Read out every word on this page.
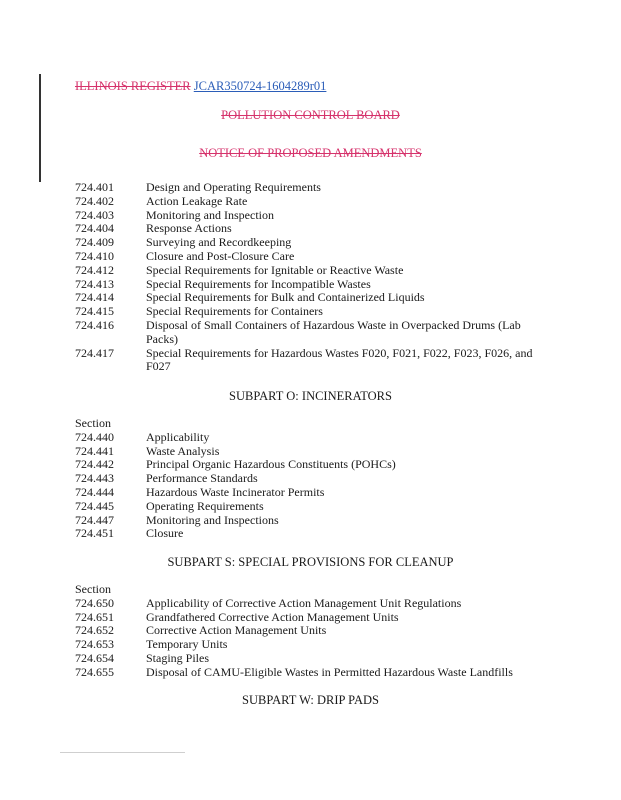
ILLINOIS REGISTER JCAR350724-1604289r01
POLLUTION CONTROL BOARD
NOTICE OF PROPOSED AMENDMENTS
724.401	Design and Operating Requirements
724.402	Action Leakage Rate
724.403	Monitoring and Inspection
724.404	Response Actions
724.409	Surveying and Recordkeeping
724.410	Closure and Post-Closure Care
724.412	Special Requirements for Ignitable or Reactive Waste
724.413	Special Requirements for Incompatible Wastes
724.414	Special Requirements for Bulk and Containerized Liquids
724.415	Special Requirements for Containers
724.416	Disposal of Small Containers of Hazardous Waste in Overpacked Drums (Lab Packs)
724.417	Special Requirements for Hazardous Wastes F020, F021, F022, F023, F026, and F027
SUBPART O: INCINERATORS
Section
724.440	Applicability
724.441	Waste Analysis
724.442	Principal Organic Hazardous Constituents (POHCs)
724.443	Performance Standards
724.444	Hazardous Waste Incinerator Permits
724.445	Operating Requirements
724.447	Monitoring and Inspections
724.451	Closure
SUBPART S: SPECIAL PROVISIONS FOR CLEANUP
Section
724.650	Applicability of Corrective Action Management Unit Regulations
724.651	Grandfathered Corrective Action Management Units
724.652	Corrective Action Management Units
724.653	Temporary Units
724.654	Staging Piles
724.655	Disposal of CAMU-Eligible Wastes in Permitted Hazardous Waste Landfills
SUBPART W: DRIP PADS
